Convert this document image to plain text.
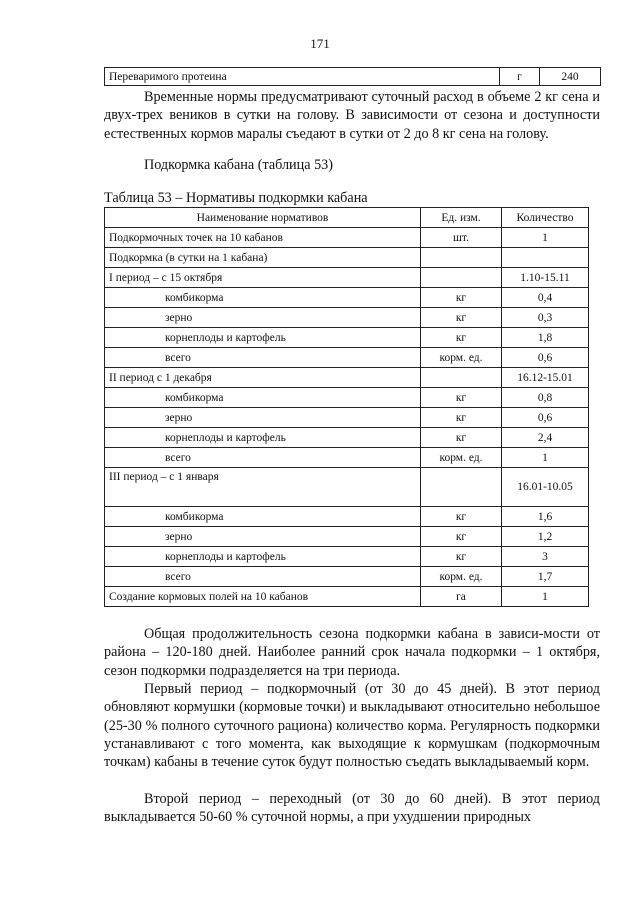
171
Переваримого протеина	г	240

Временные нормы предусматривают суточный расход в объеме 2 кг сена и двух-трех веников в сутки на голову. В зависимости от сезона и доступности естественных кормов маралы съедают в сутки от 2 до 8 кг сена на голову.

Подкормка кабана (таблица 53)

Таблица 53 – Нормативы подкормки кабана

Наименование нормативов	Ед. изм.	Количество
Подкормочных точек на 10 кабанов	шт.	1
Подкормка (в сутки на 1 кабана)		
I период – с 15 октября		1.10-15.11
комбикорма	кг	0,4
зерно	кг	0,3
корнеплоды и картофель	кг	1,8
всего	корм. ед.	0,6
II период с 1 декабря		16.12-15.01
комбикорма	кг	0,8
зерно	кг	0,6
корнеплоды и картофель	кг	2,4
всего	корм. ед.	1
III период – с 1 января		16.01-10.05
комбикорма	кг	1,6
зерно	кг	1,2
корнеплоды и картофель	кг	3
всего	корм. ед.	1,7
Создание кормовых полей на 10 кабанов	га	1

Общая продолжительность сезона подкормки кабана в зависи-мости от района – 120-180 дней. Наиболее ранний срок начала подкормки – 1 октября, сезон подкормки подразделяется на три периода.

Первый период – подкормочный (от 30 до 45 дней). В этот период обновляют кормушки (кормовые точки) и выкладывают относительно небольшое (25-30 % полного суточного рациона) количество корма. Регулярность подкормки устанавливают с того момента, как выходящие к кормушкам (подкормочным точкам) кабаны в течение суток будут полностью съедать выкладываемый корм.

Второй период – переходный (от 30 до 60 дней). В этот период выкладывается 50-60 % суточной нормы, а при ухудшении природных
